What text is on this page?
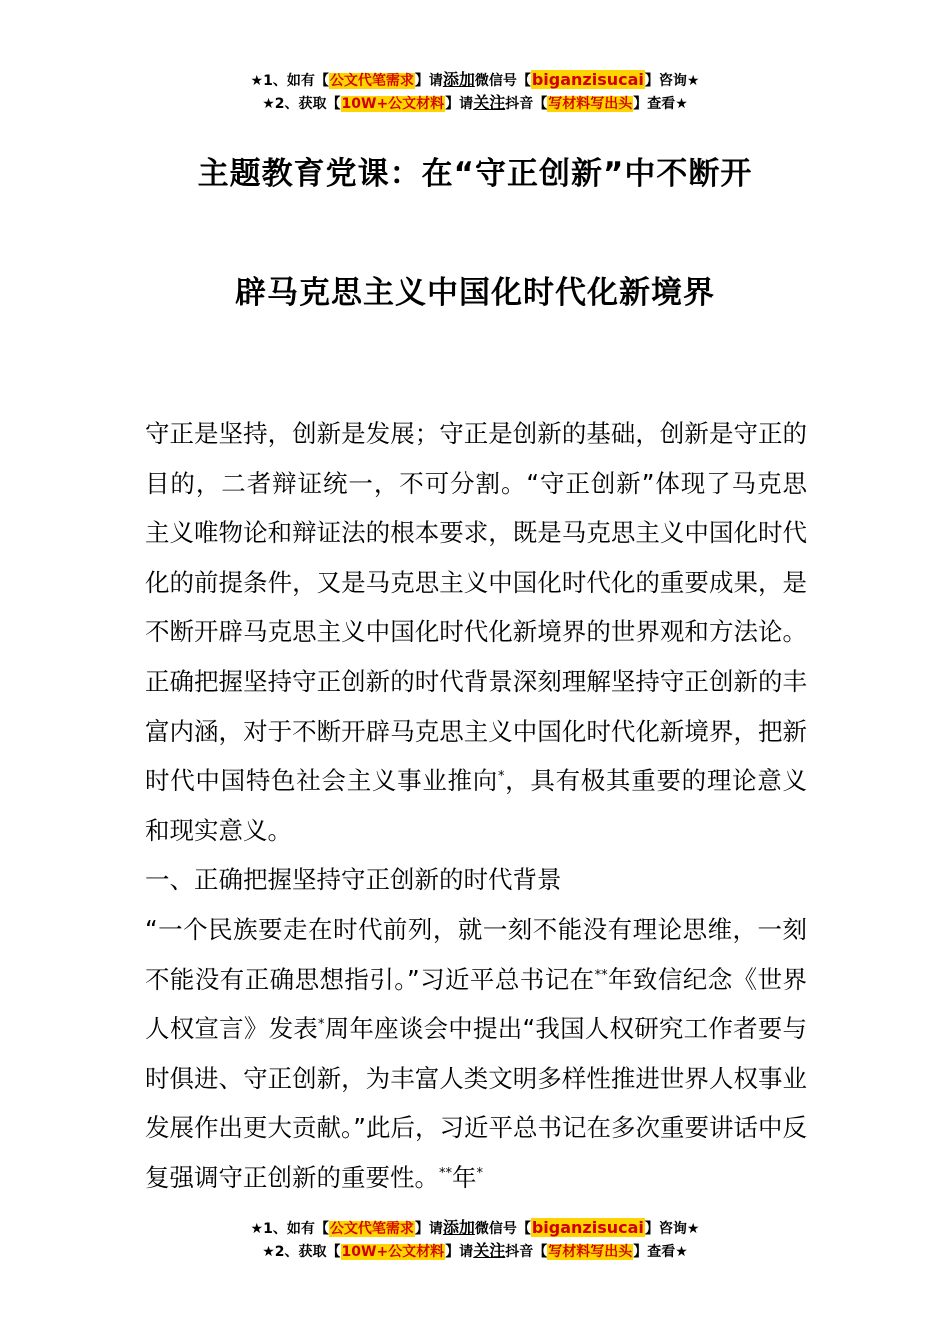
★1、如有【公文代笔需求】请添加微信号【biganzisucai】咨询★
★2、获取【10W+公文材料】请关注抖音【写材料写出头】查看★
主题教育党课：在“守正创新”中不断开
辟马克思主义中国化时代化新境界

守正是坚持，创新是发展；守正是创新的基础，创新是守正的目的，二者辩证统一，不可分割。“守正创新”体现了马克思主义唯物论和辩证法的根本要求，既是马克思主义中国化时代化的前提条件，又是马克思主义中国化时代化的重要成果，是不断开辟马克思主义中国化时代化新境界的世界观和方法论。正确把握坚持守正创新的时代背景深刻理解坚持守正创新的丰富内涵，对于不断开辟马克思主义中国化时代化新境界，把新时代中国特色社会主义事业推向*，具有极其重要的理论意义和现实意义。

一、正确把握坚持守正创新的时代背景

“一个民族要走在时代前列，就一刻不能没有理论思维，一刻不能没有正确思想指引。”习近平总书记在**年致信纪念《世界人权宣言》发表*周年座谈会中提出“我国人权研究工作者要与时俱进、守正创新，为丰富人类文明多样性推进世界人权事业发展作出更大贡献。”此后，习近平总书记在多次重要讲话中反复强调守正创新的重要性。**年*

★1、如有【公文代笔需求】请添加微信号【biganzisucai】咨询★
★2、获取【10W+公文材料】请关注抖音【写材料写出头】查看★
